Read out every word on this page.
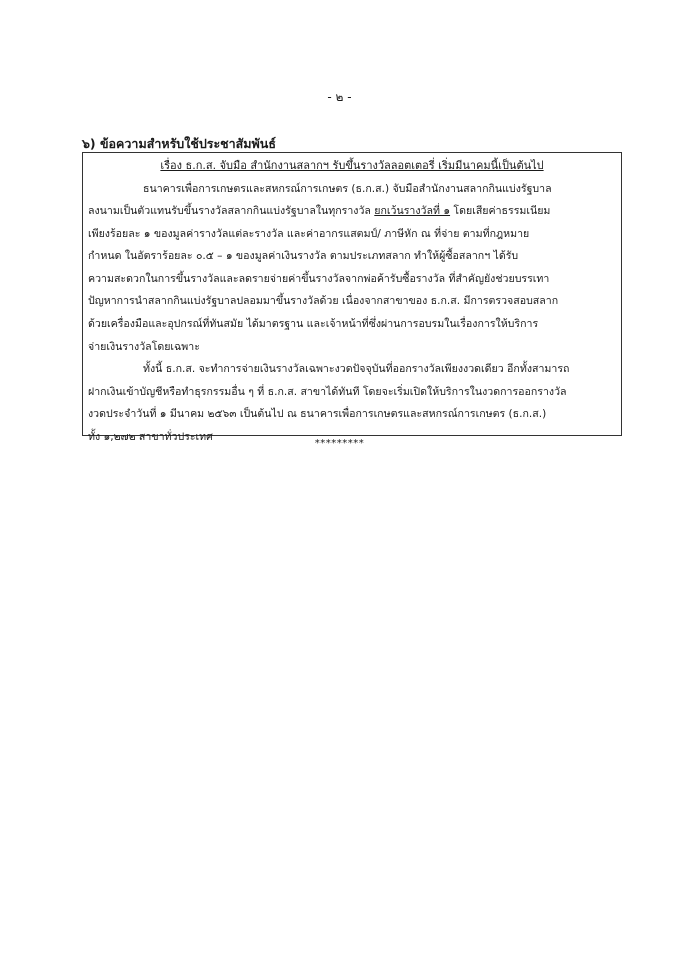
- ๒ -
๖) ข้อความสำหรับใช้ประชาสัมพันธ์
เรื่อง ธ.ก.ส. จับมือ สำนักงานสลากฯ รับขึ้นรางวัลลอตเตอรี่ เริ่มมีนาคมนี้เป็นต้นไป
ธนาคารเพื่อการเกษตรและสหกรณ์การเกษตร (ธ.ก.ส.) จับมือสำนักงานสลากกินแบ่งรัฐบาล
ลงนามเป็นตัวแทนรับขึ้นรางวัลสลากกินแบ่งรัฐบาลในทุกรางวัล ยกเว้นรางวัลที่ ๑ โดยเสียค่าธรรมเนียม
เพียงร้อยละ ๑ ของมูลค่ารางวัลแต่ละรางวัล และค่าอากรแสตมป์/ ภาษีหัก ณ ที่จ่าย ตามที่กฎหมาย
กำหนด ในอัตราร้อยละ ๐.๕ – ๑ ของมูลค่าเงินรางวัล ตามประเภทสลาก ทำให้ผู้ซื้อสลากฯ ได้รับ
ความสะดวกในการขึ้นรางวัลและลดรายจ่ายค่าขึ้นรางวัลจากพ่อค้ารับซื้อรางวัล ที่สำคัญยังช่วยบรรเทา
ปัญหาการนำสลากกินแบ่งรัฐบาลปลอมมาขึ้นรางวัลด้วย เนื่องจากสาขาของ ธ.ก.ส. มีการตรวจสอบสลาก
ด้วยเครื่องมือและอุปกรณ์ที่ทันสมัย ได้มาตรฐาน และเจ้าหน้าที่ซึ่งผ่านการอบรมในเรื่องการให้บริการ
จ่ายเงินรางวัลโดยเฉพาะ
ทั้งนี้ ธ.ก.ส. จะทำการจ่ายเงินรางวัลเฉพาะงวดปัจจุบันที่ออกรางวัลเพียงงวดเดียว อีกทั้งสามารถ
ฝากเงินเข้าบัญชีหรือทำธุรกรรมอื่น ๆ ที่ ธ.ก.ส. สาขาได้ทันที โดยจะเริ่มเปิดให้บริการในงวดการออกรางวัล
งวดประจำวันที่ ๑ มีนาคม ๒๕๖๓ เป็นต้นไป ณ ธนาคารเพื่อการเกษตรและสหกรณ์การเกษตร (ธ.ก.ส.)
ทั้ง ๑,๒๗๒ สาขาทั่วประเทศ
*********
